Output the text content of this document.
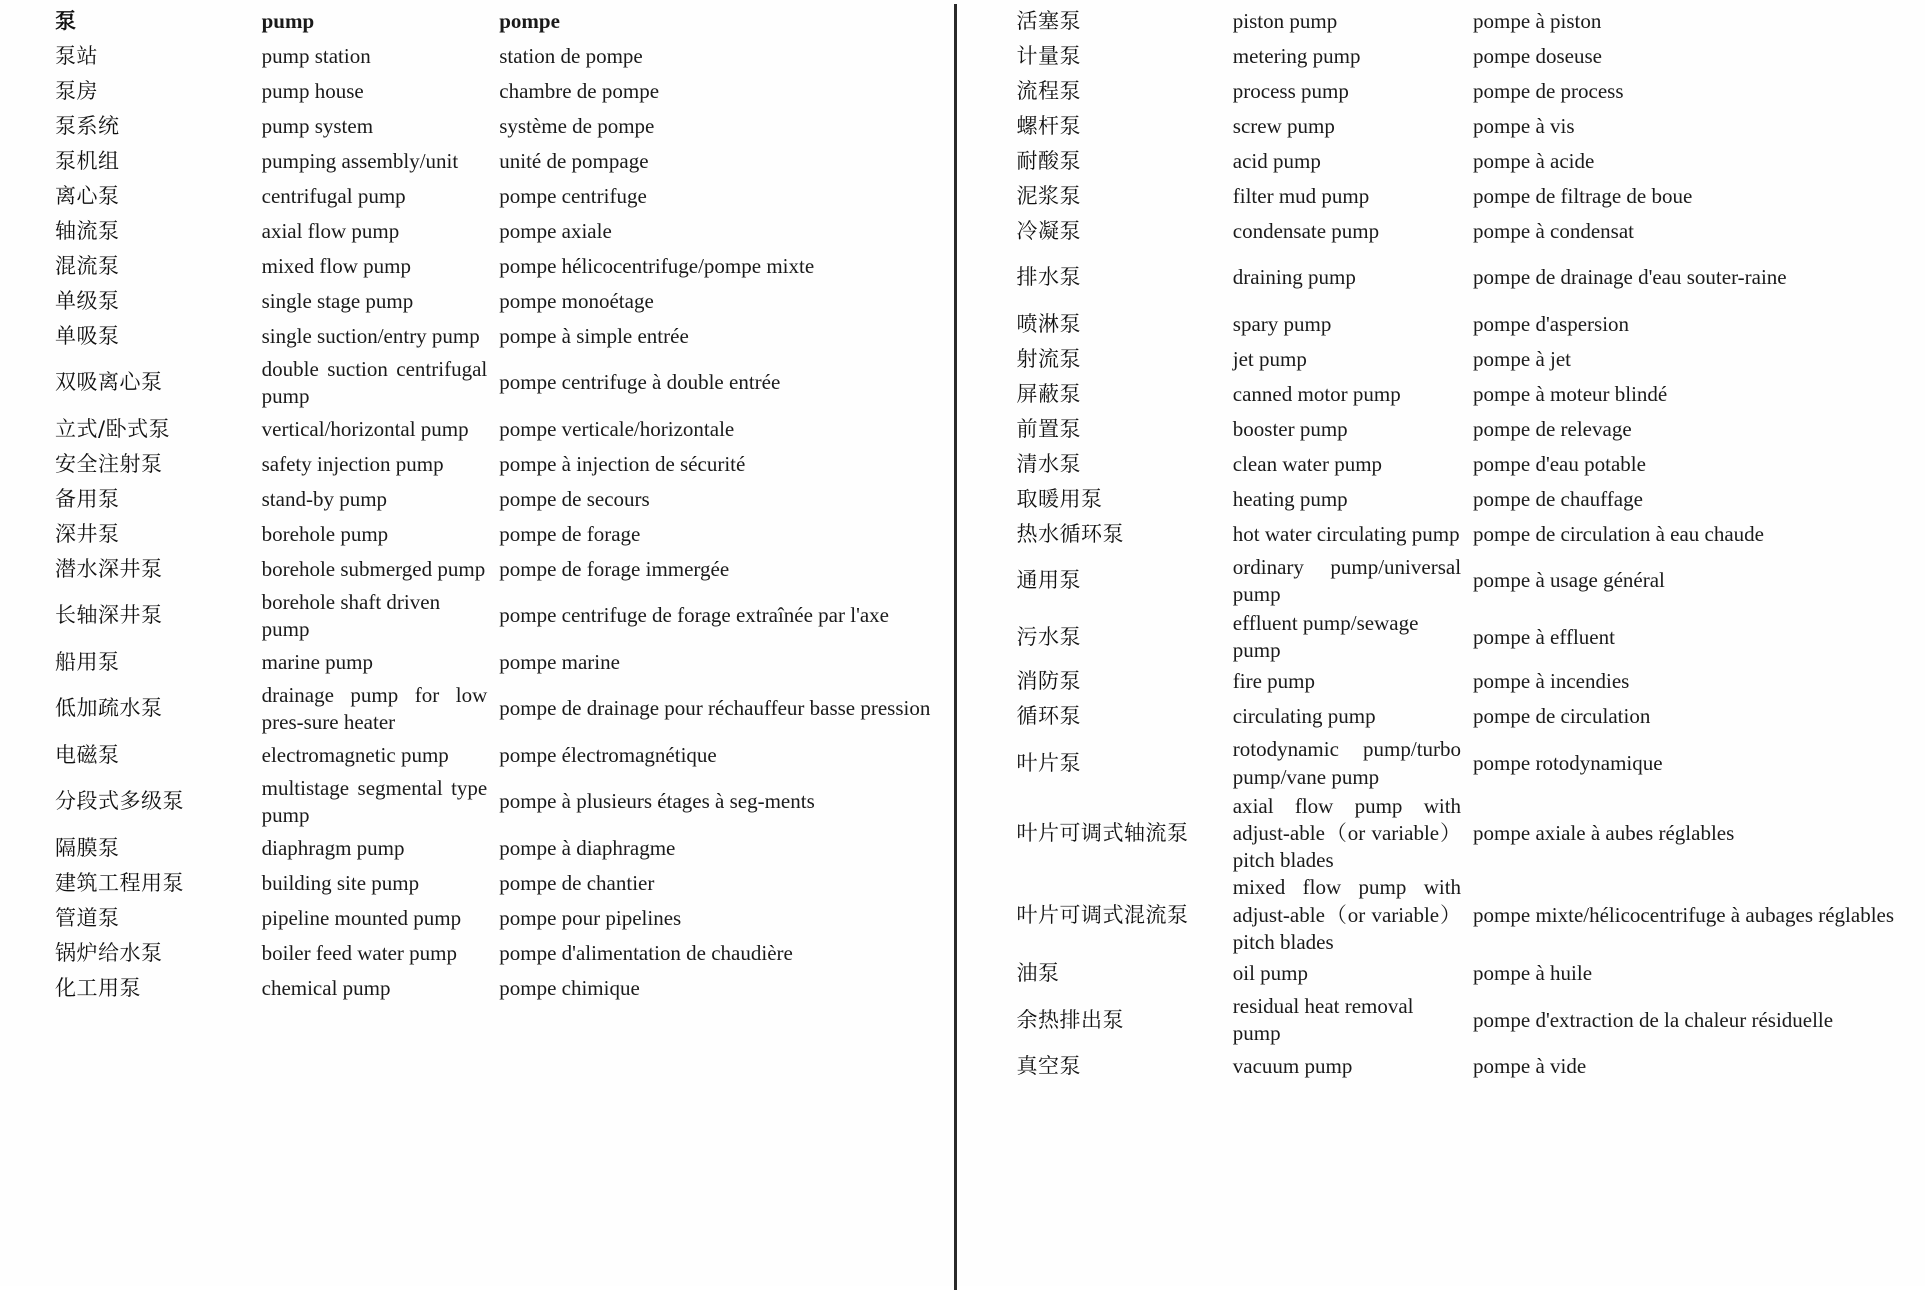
泵	pump	pompe
泵站	pump station	station de pompe
泵房	pump house	chambre de pompe
泵系统	pump system	système de pompe
泵机组	pumping assembly/unit	unité de pompage
离心泵	centrifugal pump	pompe centrifuge
轴流泵	axial flow pump	pompe axiale
混流泵	mixed flow pump	pompe hélicocentrifuge/pompe mixte
单级泵	single stage pump	pompe monoétage
单吸泵	single suction/entry pump	pompe à simple entrée
双吸离心泵	double suction centrifugal pump	pompe centrifuge à double entrée
立式/卧式泵	vertical/horizontal pump	pompe verticale/horizontale
安全注射泵	safety injection pump	pompe à injection de sécurité
备用泵	stand-by pump	pompe de secours
深井泵	borehole pump	pompe de forage
潜水深井泵	borehole submerged pump	pompe de forage immergée
长轴深井泵	borehole shaft driven pump	pompe centrifuge de forage extraînée par l'axe
船用泵	marine pump	pompe marine
低加疏水泵	drainage pump for low pres-sure heater	pompe de drainage pour réchauffeur basse pression
电磁泵	electromagnetic pump	pompe électromagnétique
分段式多级泵	multistage segmental type pump	pompe à plusieurs étages à seg-ments
隔膜泵	diaphragm pump	pompe à diaphragme
建筑工程用泵	building site pump	pompe de chantier
管道泵	pipeline mounted pump	pompe pour pipelines
锅炉给水泵	boiler feed water pump	pompe d'alimentation de chaudière
化工用泵	chemical pump	pompe chimique
活塞泵	piston pump	pompe à piston
计量泵	metering pump	pompe doseuse
流程泵	process pump	pompe de process
螺杆泵	screw pump	pompe à vis
耐酸泵	acid pump	pompe à acide
泥浆泵	filter mud pump	pompe de filtrage de boue
冷凝泵	condensate pump	pompe à condensat
排水泵	draining pump	pompe de drainage d'eau souter-raine
喷淋泵	spary pump	pompe d'aspersion
射流泵	jet pump	pompe à jet
屏蔽泵	canned motor pump	pompe à moteur blindé
前置泵	booster pump	pompe de relevage
清水泵	clean water pump	pompe d'eau potable
取暖用泵	heating pump	pompe de chauffage
热水循环泵	hot water circulating pump	pompe de circulation à eau chaude
通用泵	ordinary pump/universal pump	pompe à usage général
污水泵	effluent pump/sewage pump	pompe à effluent
消防泵	fire pump	pompe à incendies
循环泵	circulating pump	pompe de circulation
叶片泵	rotodynamic pump/turbo pump/vane pump	pompe rotodynamique
叶片可调式轴流泵	axial flow pump with adjust-able（or variable）pitch blades	pompe axiale à aubes réglables
叶片可调式混流泵	mixed flow pump with adjust-able（or variable）pitch blades	pompe mixte/hélicocentrifuge à aubages réglables
油泵	oil pump	pompe à huile
余热排出泵	residual heat removal pump	pompe d'extraction de la chaleur résiduelle
真空泵	vacuum pump	pompe à vide
